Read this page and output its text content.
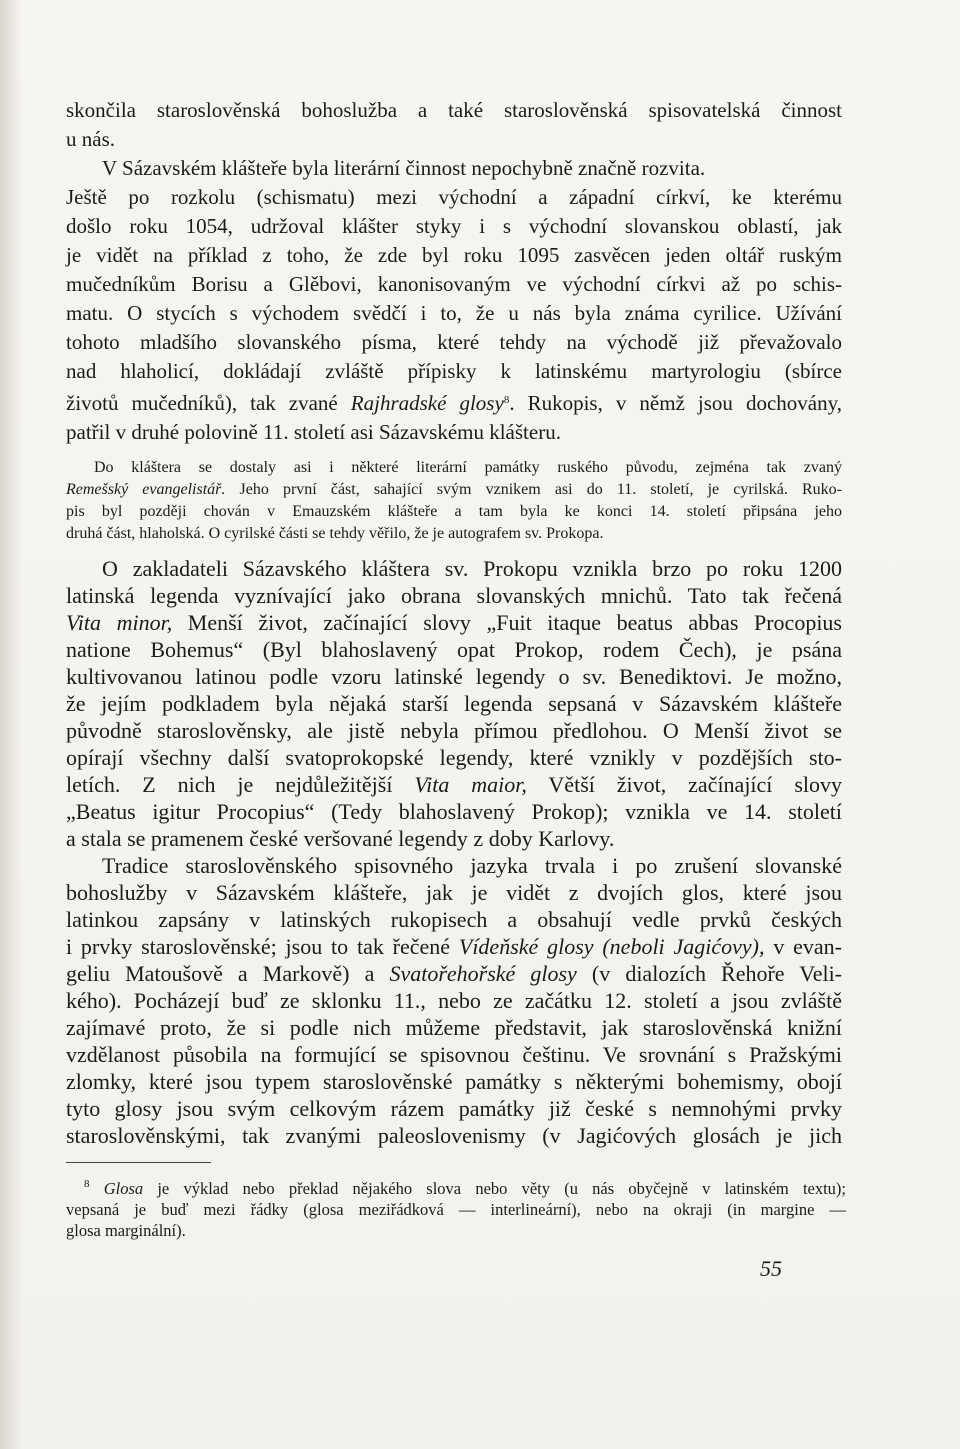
skončila staroslověnská bohoslužba a také staroslověnská spisovatelská činnost
u nás.
V Sázavském klášteře byla literární činnost nepochybně značně rozvita.
Ještě po rozkolu (schismatu) mezi východní a západní církví, ke kterému
došlo roku 1054, udržoval klášter styky i s východní slovanskou oblastí, jak
je vidět na příklad z toho, že zde byl roku 1095 zasvěcen jeden oltář ruským
mučedníkům Borisu a Glěbovi, kanonisovaným ve východní církvi až po schis-
matu. O stycích s východem svědčí i to, že u nás byla známa cyrilice. Užívání
tohoto mladšího slovanského písma, které tehdy na východě již převažovalo
nad hlaholicí, dokládají zvláště přípisky k latinskému martyrologiu (sbírce
životů mučedníků), tak zvané Rajhradské glosy$^8$. Rukopis, v němž jsou dochovány,
patřil v druhé polovině 11. století asi Sázavskému klášteru.
Do kláštera se dostaly asi i některé literární památky ruského původu, zejména tak zvaný
Remešský evangelistář. Jeho první část, sahající svým vznikem asi do 11. století, je cyrilská. Ruko-
pis byl později chován v Emauzském klášteře a tam byla ke konci 14. století připsána jeho
druhá část, hlaholská. O cyrilské části se tehdy věřilo, že je autografem sv. Prokopa.
O zakladateli Sázavského kláštera sv. Prokopu vznikla brzo po roku 1200
latinská legenda vyznívající jako obrana slovanských mnichů. Tato tak řečená
Vita minor, Menší život, začínající slovy „Fuit itaque beatus abbas Procopius
natione Bohemus“ (Byl blahoslavený opat Prokop, rodem Čech), je psána
kultivovanou latinou podle vzoru latinské legendy o sv. Benediktovi. Je možno,
že jejím podkladem byla nějaká starší legenda sepsaná v Sázavském klášteře
původně staroslověnsky, ale jistě nebyla přímou předlohou. O Menší život se
opírají všechny další svatoprokopské legendy, které vznikly v pozdějších sto-
letích. Z nich je nejdůležitější Vita maior, Větší život, začínající slovy
„Beatus igitur Procopius“ (Tedy blahoslavený Prokop); vznikla ve 14. století
a stala se pramenem české veršované legendy z doby Karlovy.
Tradice staroslověnského spisovného jazyka trvala i po zrušení slovanské
bohoslužby v Sázavském klášteře, jak je vidět z dvojích glos, které jsou
latinkou zapsány v latinských rukopisech a obsahují vedle prvků českých
i prvky staroslověnské; jsou to tak řečené Vídeňské glosy (neboli Jagićovy), v evan-
geliu Matoušově a Markově) a Svatořehořské glosy (v dialozích Řehoře Veli-
kého). Pocházejí buď ze sklonku 11., nebo ze začátku 12. století a jsou zvláště
zajímavé proto, že si podle nich můžeme představit, jak staroslověnská knižní
vzdělanost působila na formující se spisovnou češtinu. Ve srovnání s Pražskými
zlomky, které jsou typem staroslověnské památky s některými bohemismy, obojí
tyto glosy jsou svým celkovým rázem památky již české s nemnohými prvky
staroslověnskými, tak zvanými paleoslovenismy (v Jagićových glosách je jich
$^8$ Glosa je výklad nebo překlad nějakého slova nebo věty (u nás obyčejně v latinském textu);
vepsaná je buď mezi řádky (glosa meziřádková — interlineární), nebo na okraji (in margine —
glosa marginální).
55
